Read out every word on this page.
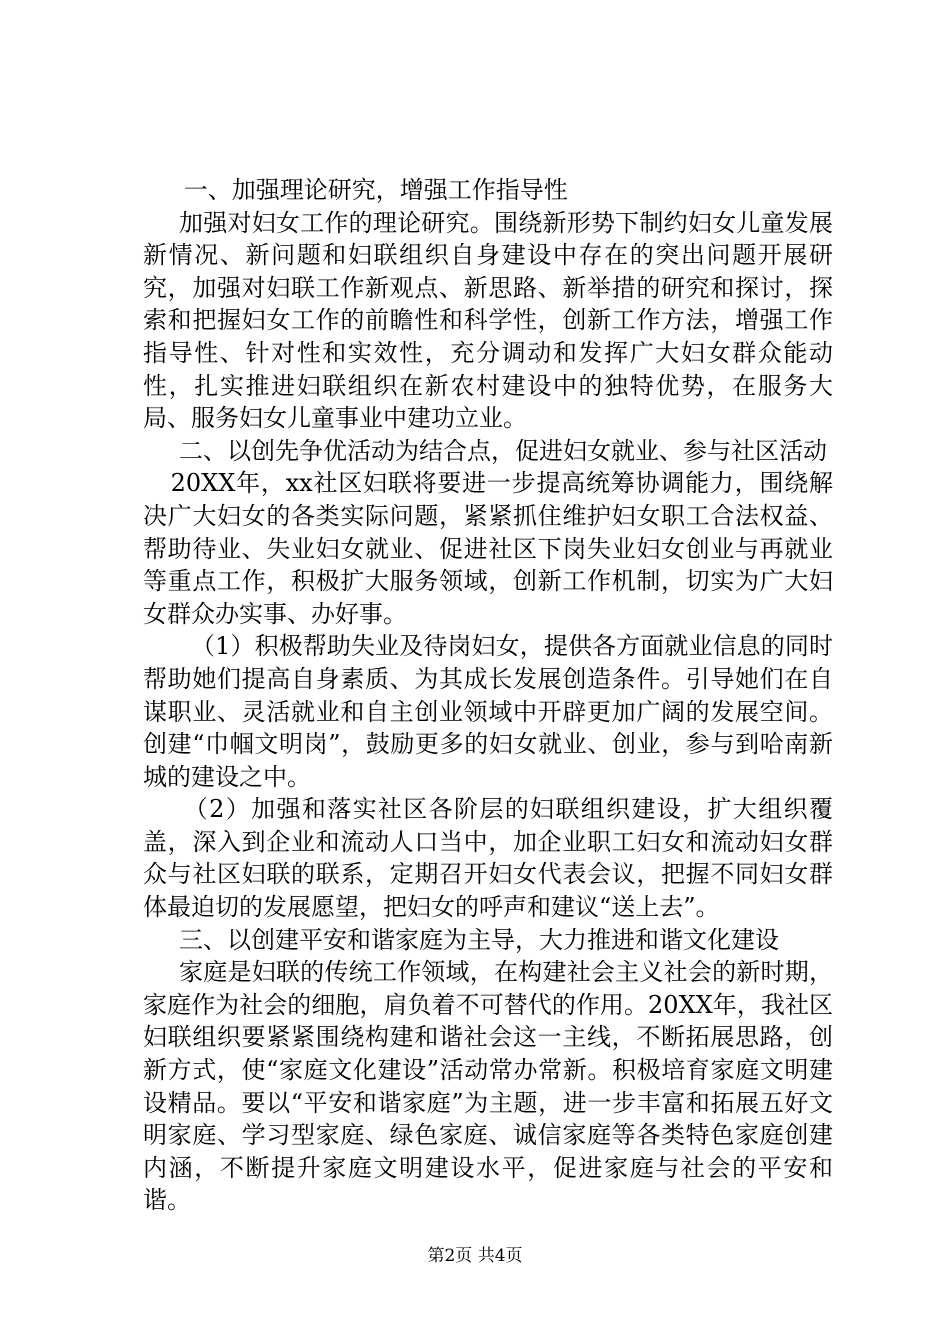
一、加强理论研究，增强工作指导性

加强对妇女工作的理论研究。围绕新形势下制约妇女儿童发展新情况、新问题和妇联组织自身建设中存在的突出问题开展研究，加强对妇联工作新观点、新思路、新举措的研究和探讨，探索和把握妇女工作的前瞻性和科学性，创新工作方法，增强工作指导性、针对性和实效性，充分调动和发挥广大妇女群众能动性，扎实推进妇联组织在新农村建设中的独特优势，在服务大局、服务妇女儿童事业中建功立业。

二、以创先争优活动为结合点，促进妇女就业、参与社区活动

20XX年，xx社区妇联将要进一步提高统筹协调能力，围绕解决广大妇女的各类实际问题，紧紧抓住维护妇女职工合法权益、帮助待业、失业妇女就业、促进社区下岗失业妇女创业与再就业等重点工作，积极扩大服务领域，创新工作机制，切实为广大妇女群众办实事、办好事。

（1）积极帮助失业及待岗妇女，提供各方面就业信息的同时帮助她们提高自身素质、为其成长发展创造条件。引导她们在自谋职业、灵活就业和自主创业领域中开辟更加广阔的发展空间。创建“巾帼文明岗”，鼓励更多的妇女就业、创业，参与到哈南新城的建设之中。

（2）加强和落实社区各阶层的妇联组织建设，扩大组织覆盖，深入到企业和流动人口当中，加企业职工妇女和流动妇女群众与社区妇联的联系，定期召开妇女代表会议，把握不同妇女群体最迫切的发展愿望，把妇女的呼声和建议“送上去”。

三、以创建平安和谐家庭为主导，大力推进和谐文化建设

家庭是妇联的传统工作领域，在构建社会主义社会的新时期，家庭作为社会的细胞，肩负着不可替代的作用。20XX年，我社区妇联组织要紧紧围绕构建和谐社会这一主线，不断拓展思路，创新方式，使“家庭文化建设”活动常办常新。积极培育家庭文明建设精品。要以“平安和谐家庭”为主题，进一步丰富和拓展五好文明家庭、学习型家庭、绿色家庭、诚信家庭等各类特色家庭创建内涵，不断提升家庭文明建设水平，促进家庭与社会的平安和谐。

第2页 共4页
